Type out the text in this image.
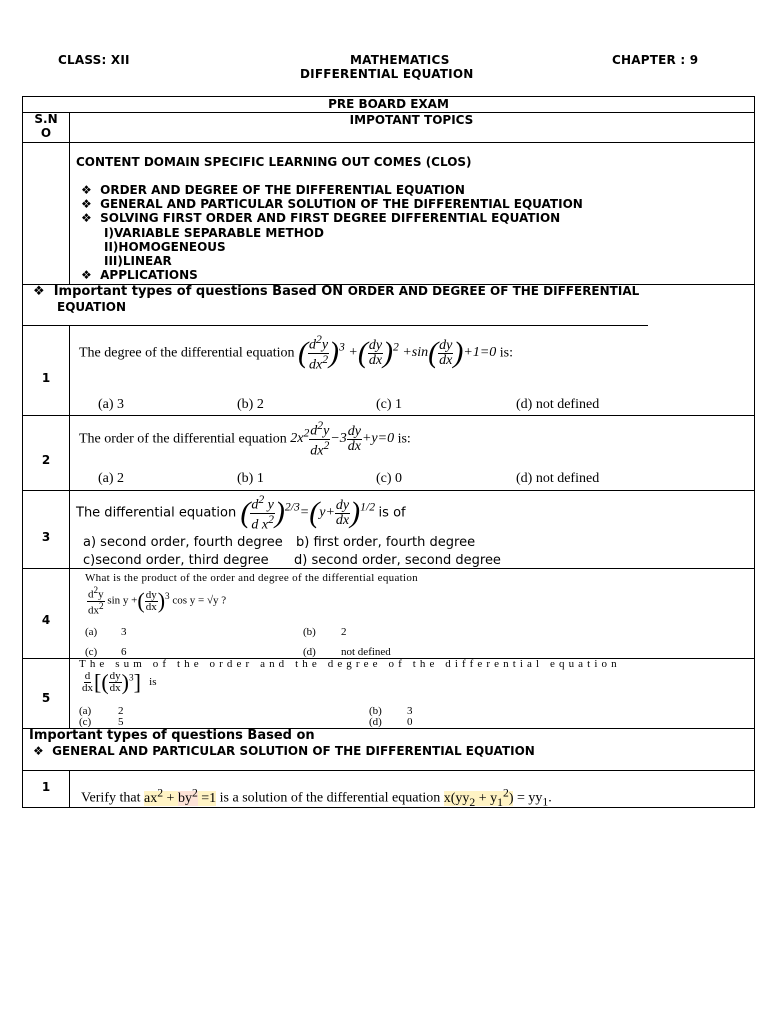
CLASS: XII	MATHEMATICS
DIFFERENTIAL EQUATION
CHAPTER : 9
PRE BOARD EXAM
S.N O
IMPOTANT TOPICS
CONTENT DOMAIN SPECIFIC LEARNING OUT COMES (CLOS)
❖ ORDER AND DEGREE OF THE DIFFERENTIAL EQUATION
❖ GENERAL AND PARTICULAR SOLUTION OF THE DIFFERENTIAL EQUATION
❖ SOLVING FIRST ORDER AND FIRST DEGREE DIFFERENTIAL EQUATION
I)VARIABLE SEPARABLE METHOD
II)HOMOGENEOUS
III)LINEAR
❖ APPLICATIONS
❖ Important types of questions Based ON ORDER AND DEGREE OF THE DIFFERENTIAL
EQUATION
1
The degree of the differential equation ( $\frac{d^2y}{dx^2} )^3$ +( $\frac{dy}{dx} )^2 +\sin( \frac{dy}{dx} )+1=0$ is:
(a) 3	(b) 2	(c) 1	(d) not defined
2
The order of the differential equation $2x^2 \frac{d^2y}{dx^2} -3 \frac{dy}{dx} +y=0$ is:
(a) 2	(b) 1	(c) 0	(d) not defined
3
The differential equation ( $\frac{d^2 y}{d x^2} )^{2/3}=(y+ \frac{dy}{dx} )^{1/2}$ is of
a) second order, fourth degree b) first order, fourth degree
c)second order, third degree d) second order, second degree
4
What is the product of the order and degree of the differential equation
$\frac{d^2y}{dx^2}$ sin y +( $\frac{dy}{dx} )^3$ cos y = √y ?
(a) 3	(b) 2
(c) 6	(d) not defined
5
The sum of the order and the degree of the differential equation
$\frac{d}{dx}$ [( $\frac{dy}{dx} )^3$] is
(a) 2	(b) 3
(c) 5	(d) 0
Important types of questions Based on
❖ GENERAL AND PARTICULAR SOLUTION OF THE DIFFERENTIAL EQUATION
1
Verify that $ax^2 + by^2 =1$ is a solution of the differential equation $x(yy_2 + y_1^2) = yy_1$.
